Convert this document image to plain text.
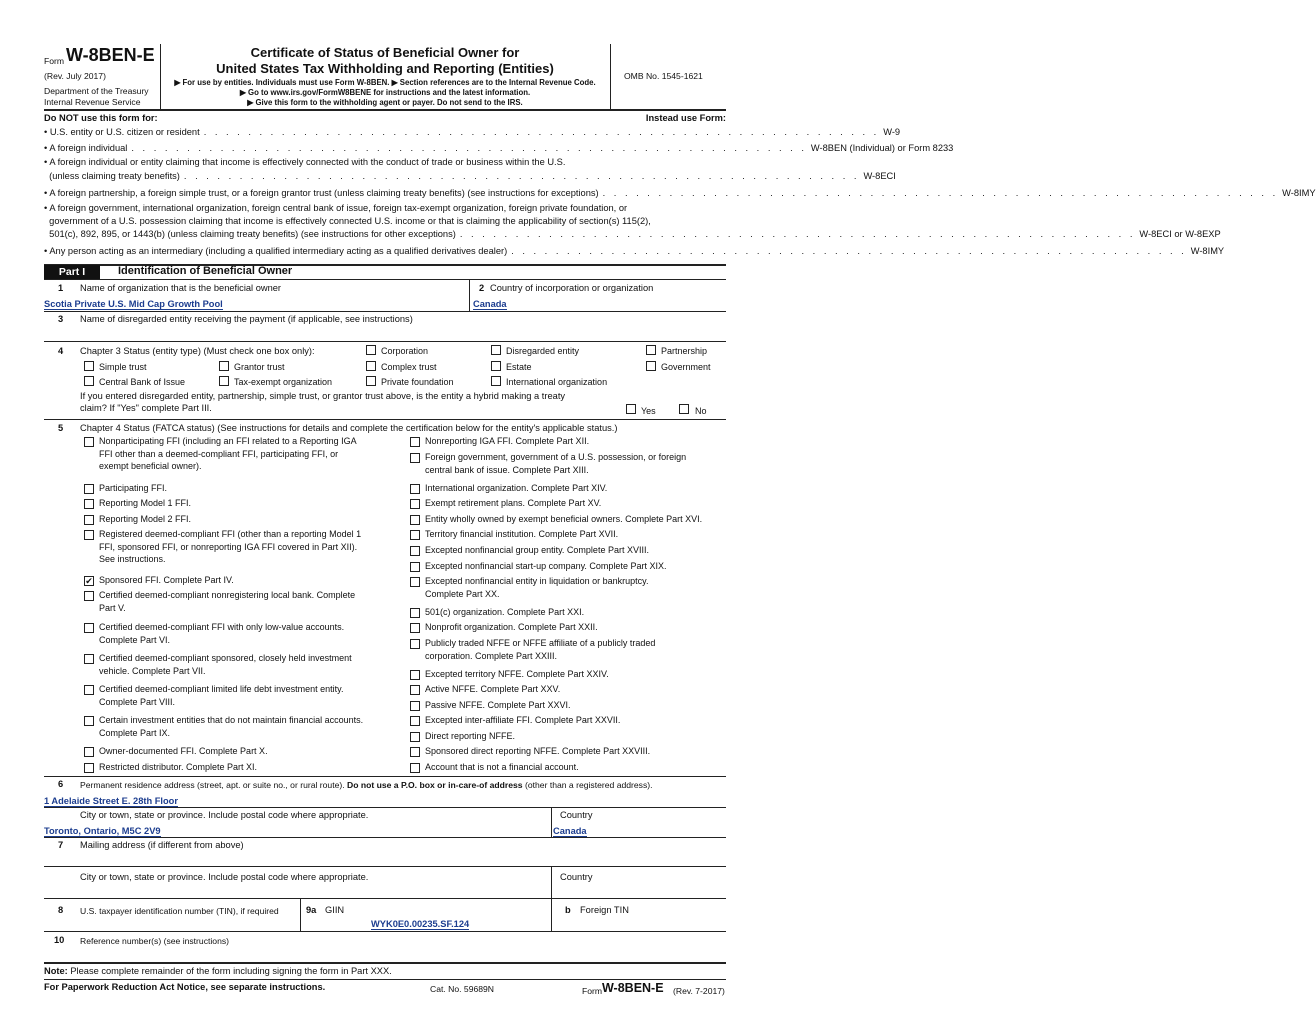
Form W-8BEN-E
(Rev. July 2017)
Department of the Treasury
Internal Revenue Service
Certificate of Status of Beneficial Owner for
United States Tax Withholding and Reporting (Entities)
▶ For use by entities. Individuals must use Form W-8BEN. ▶ Section references are to the Internal Revenue Code.
▶ Go to www.irs.gov/FormW8BENE for instructions and the latest information.
▶ Give this form to the withholding agent or payer. Do not send to the IRS.
OMB No. 1545-1621
Do NOT use this form for:	Instead use Form:
• U.S. entity or U.S. citizen or resident . . . . . . . . . . . . . . . . . . . . . . . . . . . . . . . . . . . . . . . . . . . . . . . . . . . . . . . . . . . . . W-9
• A foreign individual . . . . . . . . . . . . . . . . . . . . . . . . . . . . . . . . . . . . . . . . . . . . . . . . . . . . . . . . . . . . . W-8BEN (Individual) or Form 8233
• A foreign individual or entity claiming that income is effectively connected with the conduct of trade or business within the U.S.
(unless claiming treaty benefits) . . . . . . . . . . . . . . . . . . . . . . . . . . . . . . . . . . . . . . . . . . . . . . . . . . . . . . . . . . . . . W-8ECI
• A foreign partnership, a foreign simple trust, or a foreign grantor trust (unless claiming treaty benefits) (see instructions for exceptions) . . . . . . . . . . . . . . . . . . . . . . . . . . . . . . . . . . . . . . . . . . . . . . . . . . . . . . . . . . . . . W-8IMY
• A foreign government, international organization, foreign central bank of issue, foreign tax-exempt organization, foreign private foundation, or
government of a U.S. possession claiming that income is effectively connected U.S. income or that is claiming the applicability of section(s) 115(2),
501(c), 892, 895, or 1443(b) (unless claiming treaty benefits) (see instructions for other exceptions) . . . . . . . . . . . . . . . . . . . . . . . . . . . . . . . . . . . . . . . . . . . . . . . . . . . . . . . . . . . . . W-8ECI or W-8EXP
• Any person acting as an intermediary (including a qualified intermediary acting as a qualified derivatives dealer) . . . . . . . . . . . . . . . . . . . . . . . . . . . . . . . . . . . . . . . . . . . . . . . . . . . . . . . . . . . . . W-8IMY
Part I	Identification of Beneficial Owner
1 Name of organization that is the beneficial owner	2 Country of incorporation or organization
Scotia Private U.S. Mid Cap Growth Pool	Canada
3 Name of disregarded entity receiving the payment (if applicable, see instructions)
4 Chapter 3 Status (entity type) (Must check one box only):	Corporation	Disregarded entity	Partnership
Simple trust	Grantor trust	Complex trust	Estate	Government
Central Bank of Issue	Tax-exempt organization	Private foundation	International organization
If you entered disregarded entity, partnership, simple trust, or grantor trust above, is the entity a hybrid making a treaty
claim? If "Yes" complete Part III.	Yes	No
5 Chapter 4 Status (FATCA status) (See instructions for details and complete the certification below for the entity's applicable status.)
Nonparticipating FFI (including an FFI related to a Reporting IGA
FFI other than a deemed-compliant FFI, participating FFI, or
exempt beneficial owner).
Participating FFI.
Reporting Model 1 FFI.
Reporting Model 2 FFI.
Registered deemed-compliant FFI (other than a reporting Model 1
FFI, sponsored FFI, or nonreporting IGA FFI covered in Part XII).
See instructions.
✔ Sponsored FFI. Complete Part IV.
Certified deemed-compliant nonregistering local bank. Complete
Part V.
Certified deemed-compliant FFI with only low-value accounts.
Complete Part VI.
Certified deemed-compliant sponsored, closely held investment
vehicle. Complete Part VII.
Certified deemed-compliant limited life debt investment entity.
Complete Part VIII.
Certain investment entities that do not maintain financial accounts.
Complete Part IX.
Owner-documented FFI. Complete Part X.
Restricted distributor. Complete Part XI.
Nonreporting IGA FFI. Complete Part XII.
Foreign government, government of a U.S. possession, or foreign
central bank of issue. Complete Part XIII.
International organization. Complete Part XIV.
Exempt retirement plans. Complete Part XV.
Entity wholly owned by exempt beneficial owners. Complete Part XVI.
Territory financial institution. Complete Part XVII.
Excepted nonfinancial group entity. Complete Part XVIII.
Excepted nonfinancial start-up company. Complete Part XIX.
Excepted nonfinancial entity in liquidation or bankruptcy.
Complete Part XX.
501(c) organization. Complete Part XXI.
Nonprofit organization. Complete Part XXII.
Publicly traded NFFE or NFFE affiliate of a publicly traded
corporation. Complete Part XXIII.
Excepted territory NFFE. Complete Part XXIV.
Active NFFE. Complete Part XXV.
Passive NFFE. Complete Part XXVI.
Excepted inter-affiliate FFI. Complete Part XXVII.
Direct reporting NFFE.
Sponsored direct reporting NFFE. Complete Part XXVIII.
Account that is not a financial account.
6 Permanent residence address (street, apt. or suite no., or rural route). Do not use a P.O. box or in-care-of address (other than a registered address).
1 Adelaide Street E. 28th Floor
City or town, state or province. Include postal code where appropriate.	Country
Toronto, Ontario, M5C 2V9	Canada
7 Mailing address (if different from above)
City or town, state or province. Include postal code where appropriate.	Country
8 U.S. taxpayer identification number (TIN), if required	9a GIIN
WYK0E0.00235.SF.124
b Foreign TIN
10 Reference number(s) (see instructions)
Note: Please complete remainder of the form including signing the form in Part XXX.
For Paperwork Reduction Act Notice, see separate instructions.	Cat. No. 59689N	Form W-8BEN-E (Rev. 7-2017)
